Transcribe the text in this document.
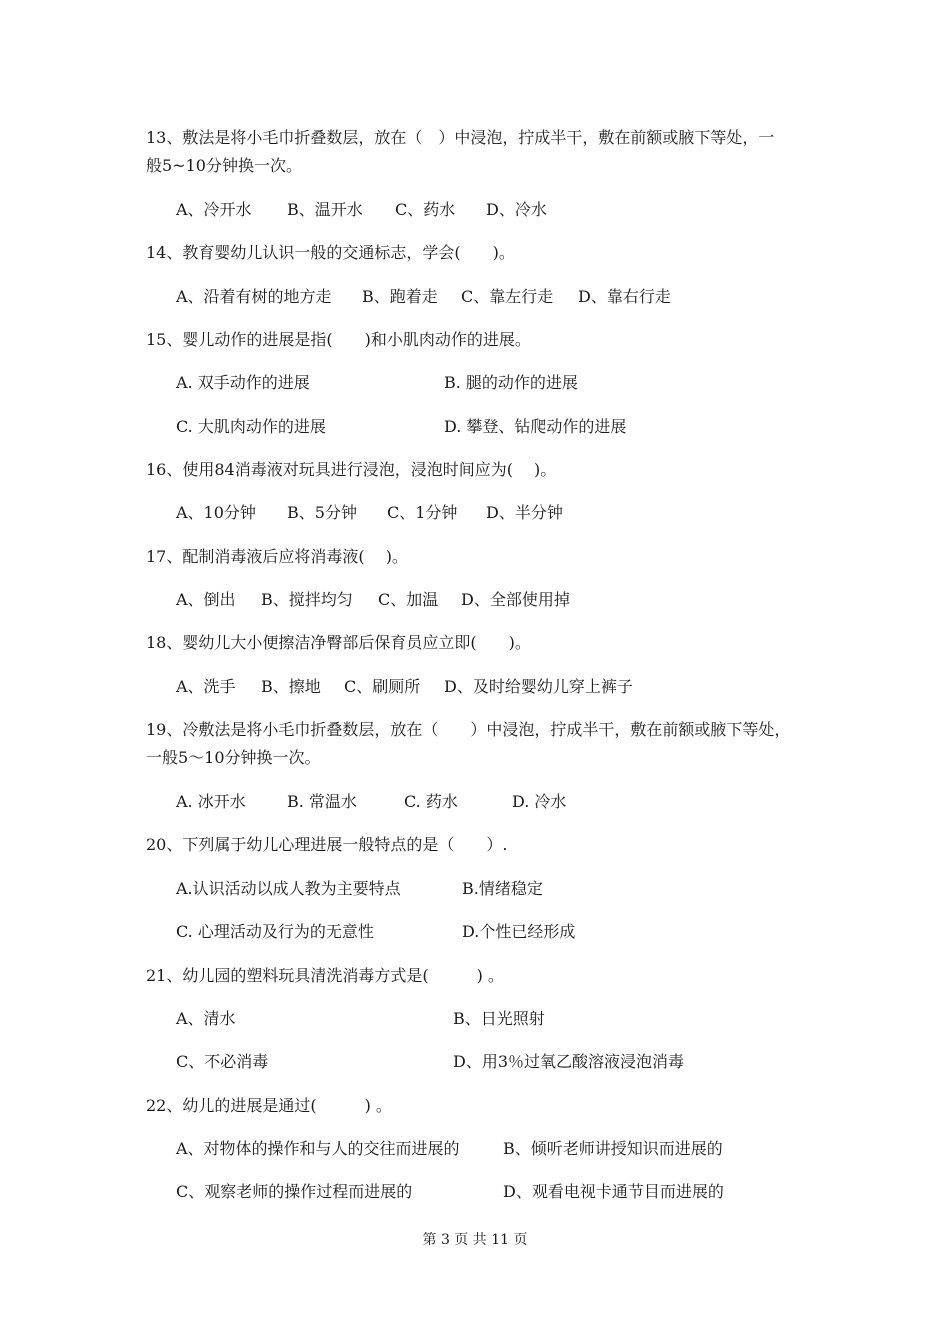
13、敷法是将小毛巾折叠数层，放在（　）中浸泡，拧成半干，敷在前额或腋下等处，一
般5~10分钟换一次。
A、冷开水 B、温开水 C、药水 D、冷水
14、教育婴幼儿认识一般的交通标志，学会(　　)。
A、沿着有树的地方走 B、跑着走 C、靠左行走 D、靠右行走
15、婴儿动作的进展是指(　　)和小肌肉动作的进展。
A. 双手动作的进展	B. 腿的动作的进展
C. 大肌肉动作的进展	D. 攀登、钻爬动作的进展
16、使用84消毒液对玩具进行浸泡，浸泡时间应为(　 )。
A、10分钟 B、5分钟 C、1分钟 D、半分钟
17、配制消毒液后应将消毒液(　 )。
A、倒出 B、搅拌均匀 C、加温 D、全部使用掉
18、婴幼儿大小便擦洁净臀部后保育员应立即(　　)。
A、洗手 B、擦地 C、刷厕所 D、及时给婴幼儿穿上裤子
19、冷敷法是将小毛巾折叠数层，放在（　　）中浸泡，拧成半干，敷在前额或腋下等处，
一般5～10分钟换一次。
A. 冰开水	B. 常温水	C. 药水	D. 冷水
20、下列属于幼儿心理进展一般特点的是（　　）.
A.认识活动以成人教为主要特点	B.情绪稳定
C. 心理活动及行为的无意性	D.个性已经形成
21、幼儿园的塑料玩具清洗消毒方式是(　　　) 。
A、清水	B、日光照射
C、不必消毒	D、用3％过氧乙酸溶液浸泡消毒
22、幼儿的进展是通过(　　　) 。
A、对物体的操作和与人的交往而进展的	B、倾听老师讲授知识而进展的
C、观察老师的操作过程而进展的	D、观看电视卡通节目而进展的
第 3 页 共 11 页
